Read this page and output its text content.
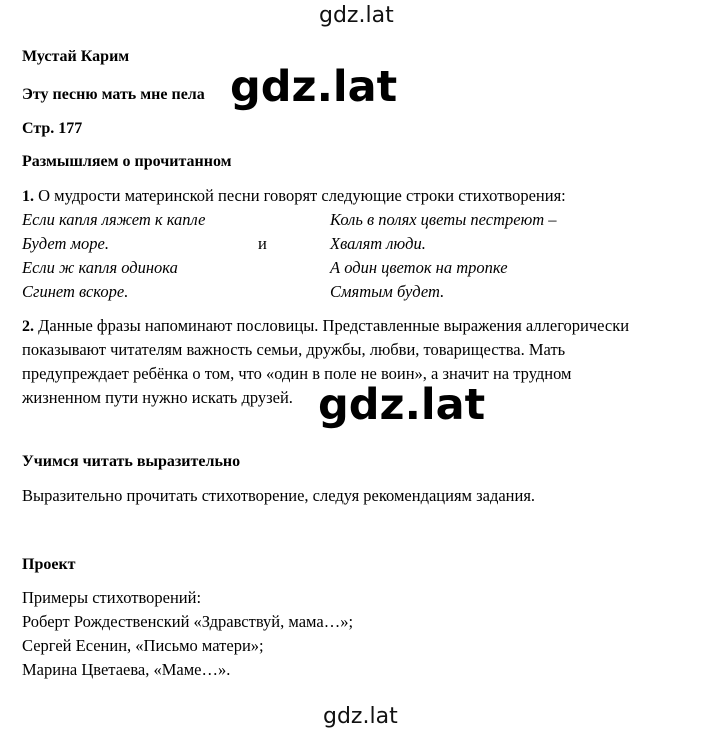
gdz.lat
Мустай Карим
Эту песню мать мне пела
Стр. 177
gdz.lat
Размышляем о прочитанном
1. О мудрости материнской песни говорят следующие строки стихотворения:
Если капля ляжет к капле
Будет море.
Если ж капля одинока
Сгинет вскоре.
и
Коль в полях цветы пестреют –
Хвалят люди.
А один цветок на тропке
Смятым будет.
2. Данные фразы напоминают пословицы. Представленные выражения аллегорически
показывают читателям важность семьи, дружбы, любви, товарищества. Мать
предупреждает ребёнка о том, что «один в поле не воин», а значит на трудном
жизненном пути нужно искать друзей. gdz.lat
Учимся читать выразительно
Выразительно прочитать стихотворение, следуя рекомендациям задания.
Проект
Примеры стихотворений:
Роберт Рождественский «Здравствуй, мама…»;
Сергей Есенин, «Письмо матери»;
Марина Цветаева, «Маме…».
gdz.lat
